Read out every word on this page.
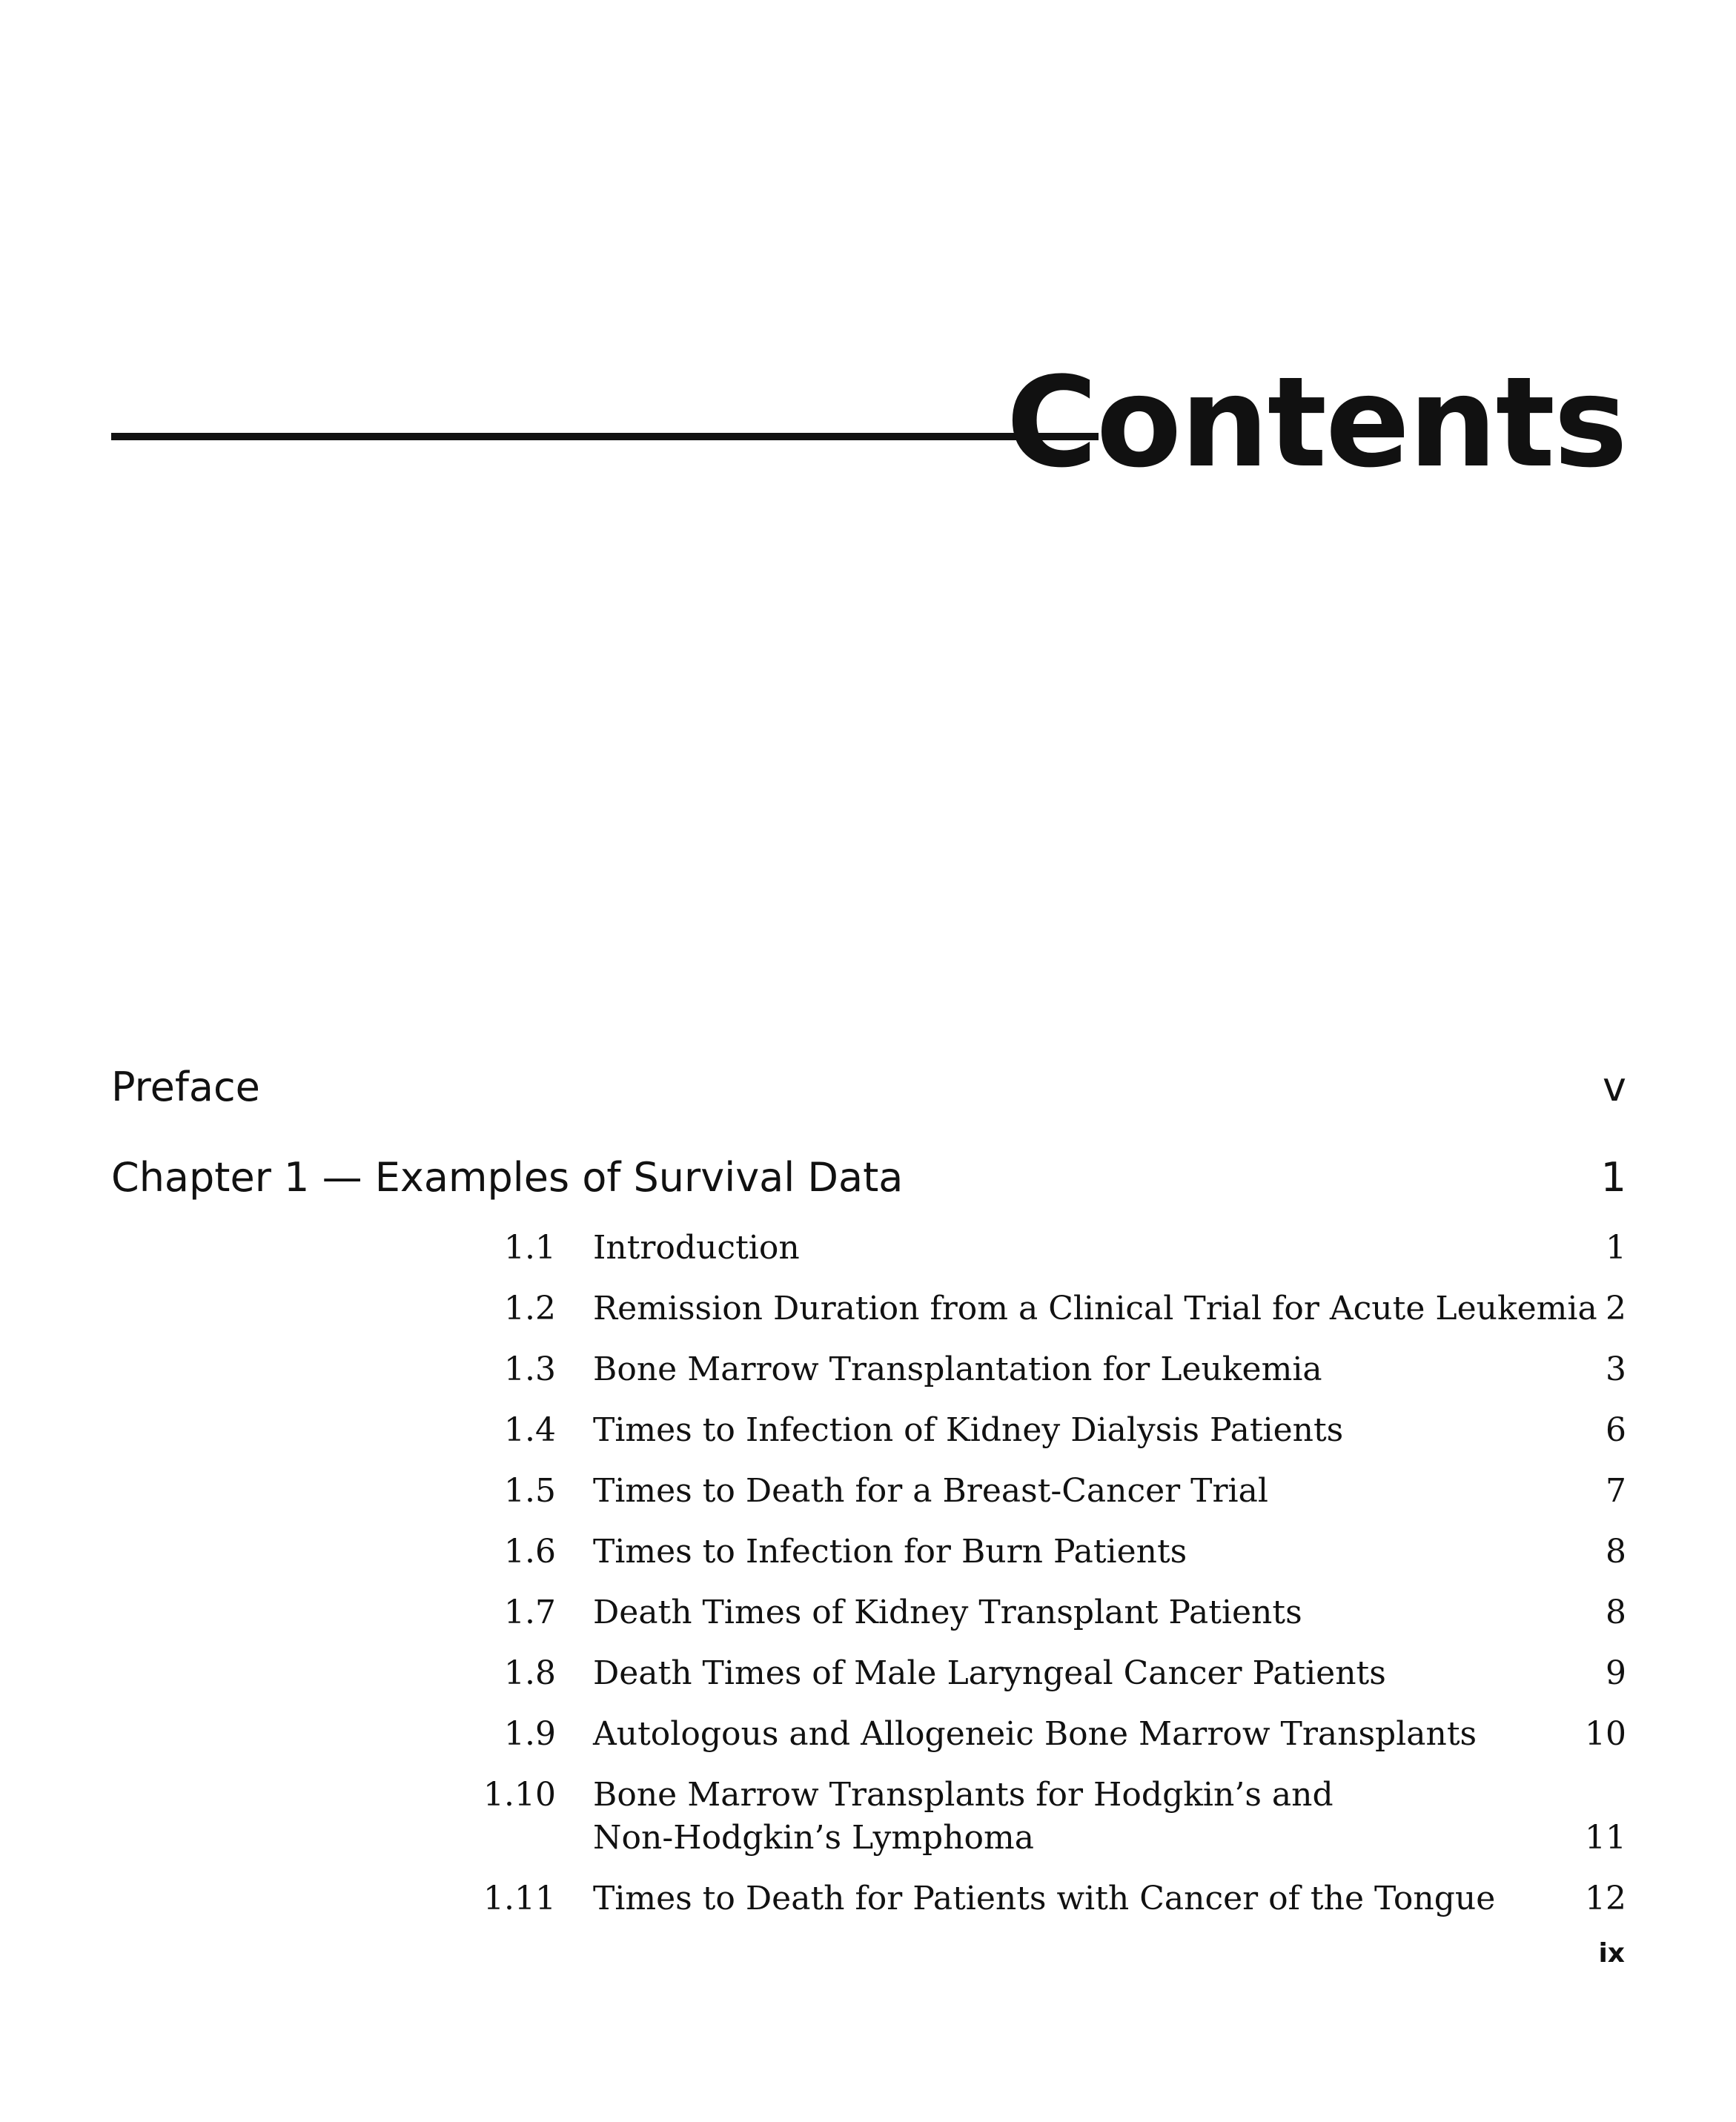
Contents
Preface	v
Chapter 1 — Examples of Survival Data	1
1.1 Introduction	1
1.2 Remission Duration from a Clinical Trial for Acute Leukemia 2
1.3 Bone Marrow Transplantation for Leukemia	3
1.4 Times to Infection of Kidney Dialysis Patients	6
1.5 Times to Death for a Breast-Cancer Trial	7
1.6 Times to Infection for Burn Patients	8
1.7 Death Times of Kidney Transplant Patients	8
1.8 Death Times of Male Laryngeal Cancer Patients	9
1.9 Autologous and Allogeneic Bone Marrow Transplants	10
1.10 Bone Marrow Transplants for Hodgkin’s and
Non-Hodgkin’s Lymphoma	11
1.11 Times to Death for Patients with Cancer of the Tongue	12
ix
